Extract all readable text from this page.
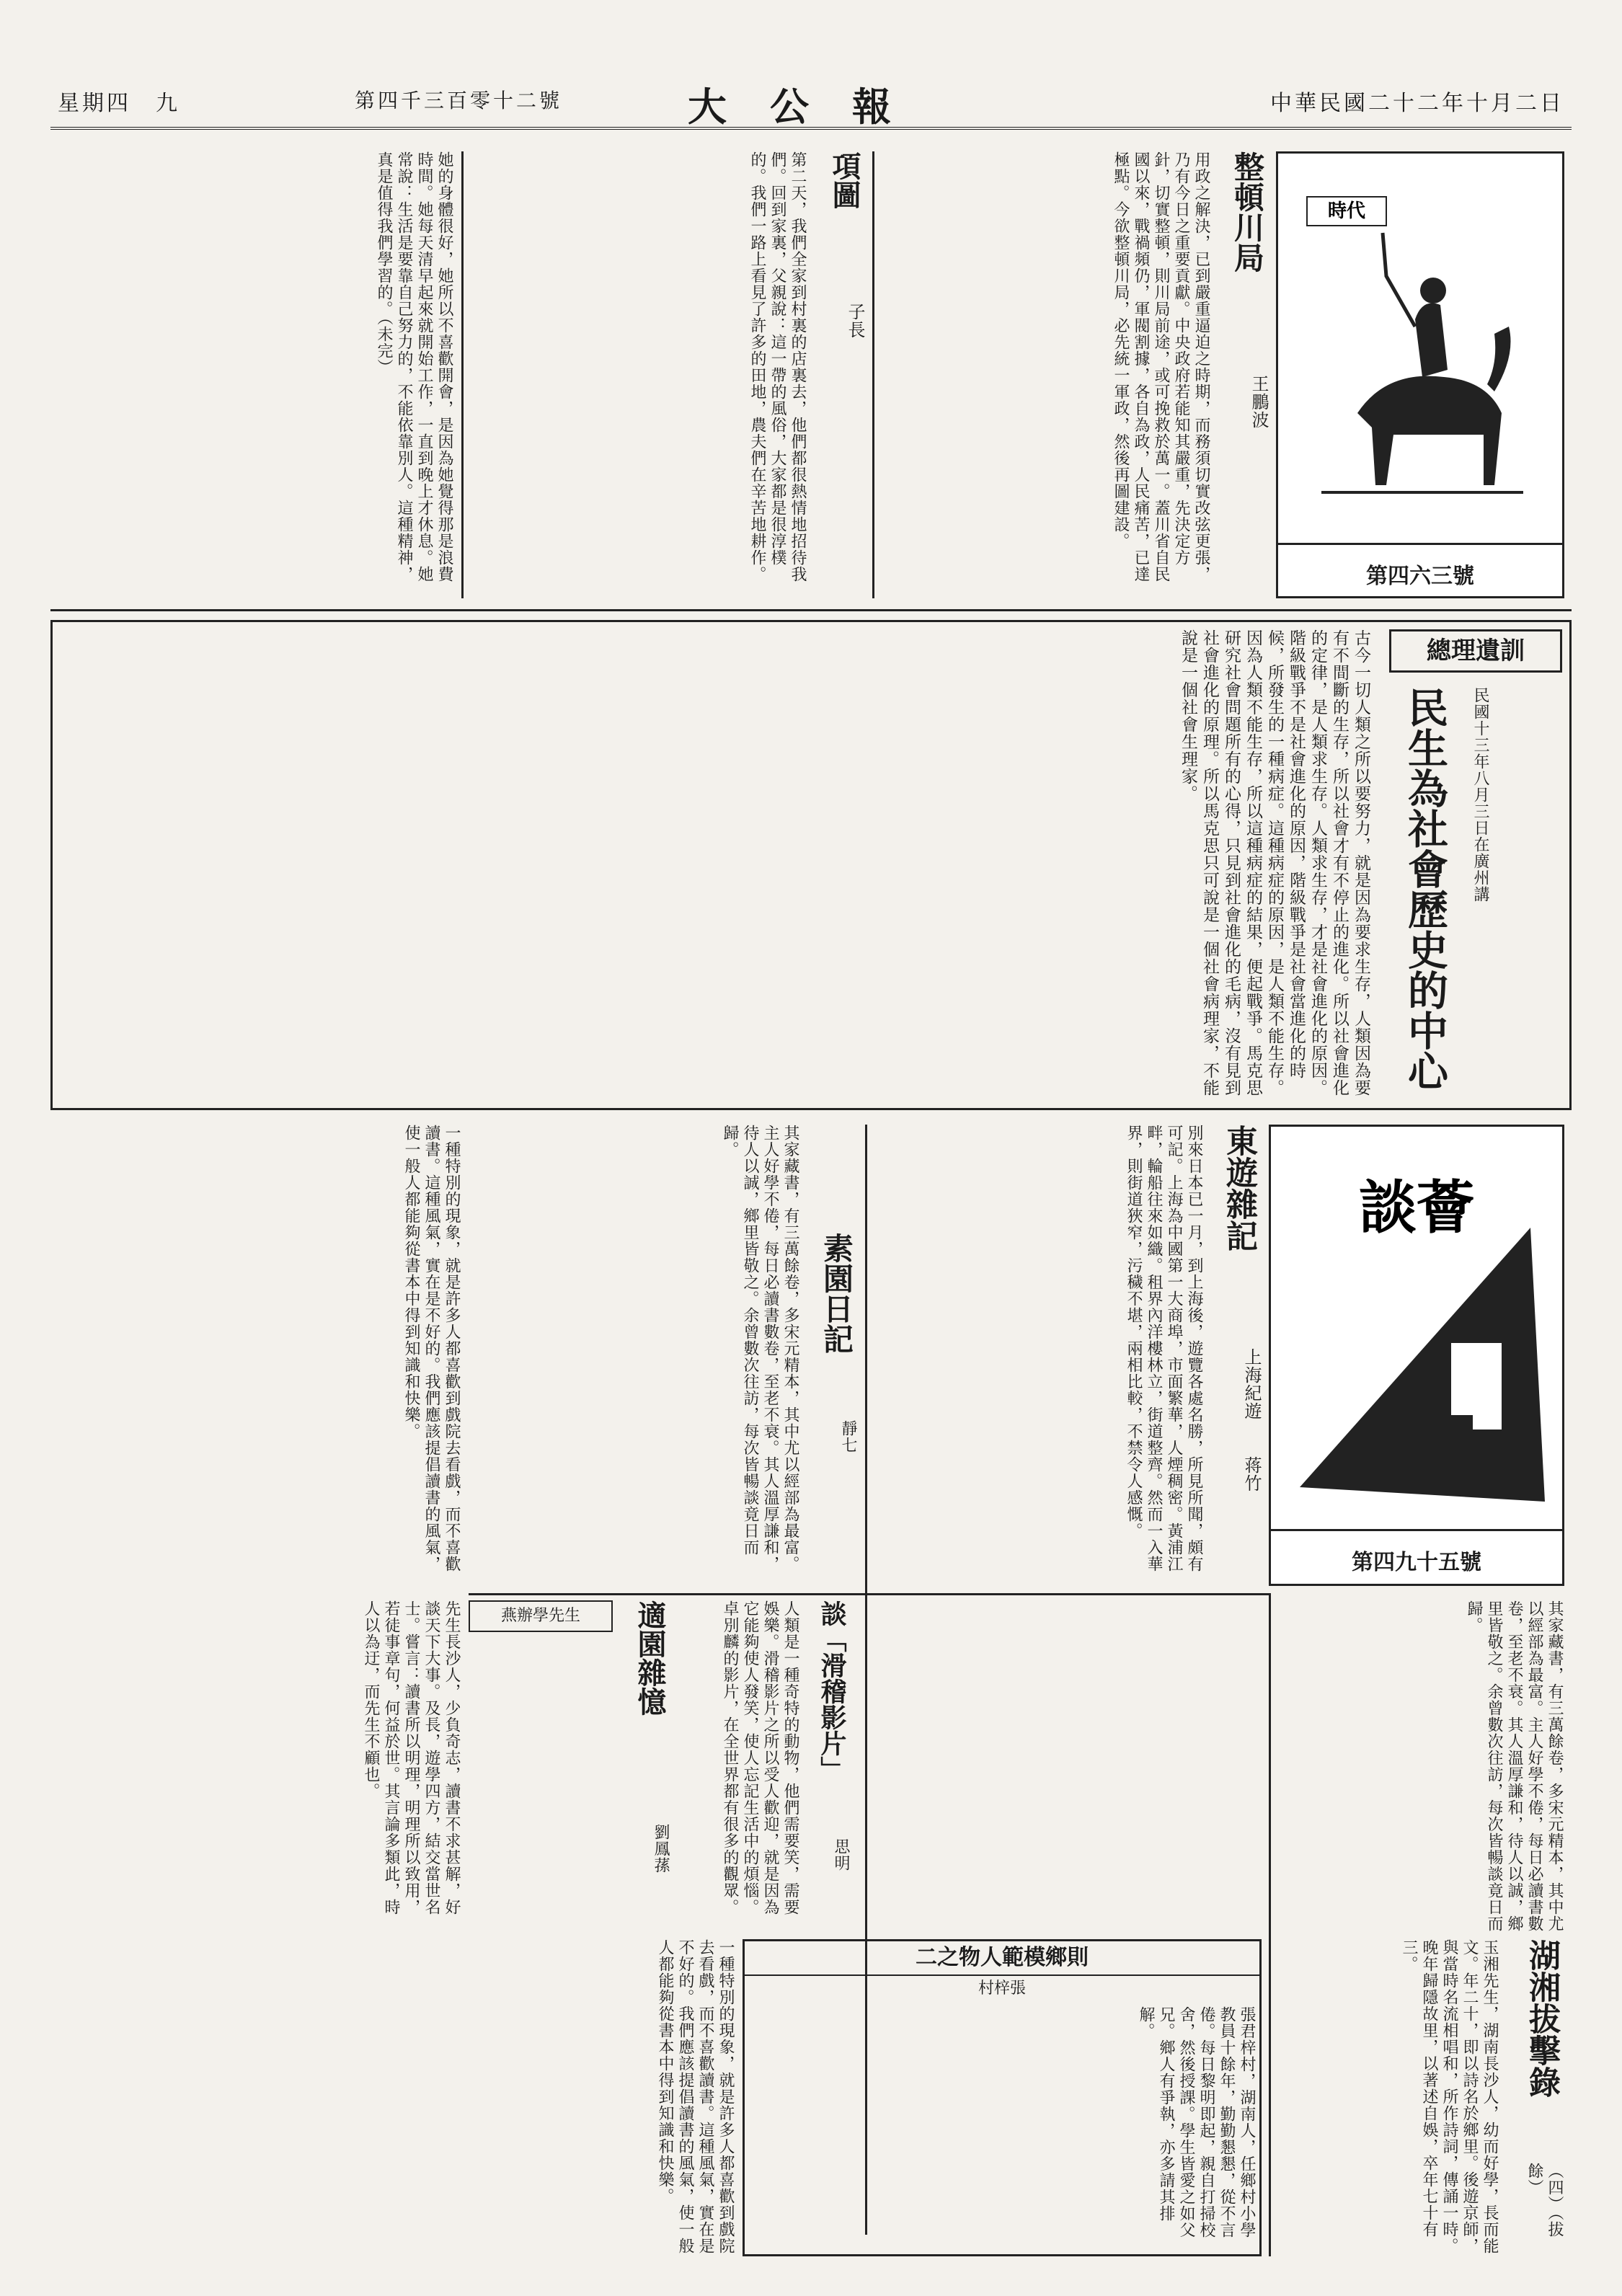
星期四　九	第四千三百零十二號	大公報	中華民國二十二年十月二日
時代
第四六三號
整頓川局
用政之解決，已到嚴重逼迫之時期，而務須切實改弦更張，乃有今日之重要貢獻。中央政府若能知其嚴重，先決定方針，切實整頓，則川局前途，或可挽救於萬一。蓋川省自民國以來，戰禍頻仍，軍閥割據，各自為政，人民痛苦，已達極點。今欲整頓川局，必先統一軍政，然後再圖建設。	王鵬波
項圖
子長
第二天，我們全家到村裏的店裏去，他們都很熱情地招待我們。回到家裏，父親說：這一帶的風俗，大家都是很淳樸的。我們一路上看見了許多的田地，農夫們在辛苦地耕作。
她的身體很好，她所以不喜歡開會，是因為她覺得那是浪費時間。她每天清早起來就開始工作，一直到晚上才休息。她常說：生活是要靠自己努力的，不能依靠別人。這種精神，真是值得我們學習的。（未完）
總理遺訓
民生為社會歷史的中心	民國十三年八月三日在廣州講
古今一切人類之所以要努力，就是因為要求生存，人類因為要有不間斷的生存，所以社會才有不停止的進化。所以社會進化的定律，是人類求生存。人類求生存，才是社會進化的原因。階級戰爭不是社會進化的原因，階級戰爭是社會當進化的時候，所發生的一種病症。這種病症的原因，是人類不能生存。因為人類不能生存，所以這種病症的結果，便起戰爭。馬克思研究社會問題所有的心得，只見到社會進化的毛病，沒有見到社會進化的原理。所以馬克思只可說是一個社會病理家，不能說是一個社會生理家。
談薈
第四九十五號
東遊雜記
上海紀遊
蒋竹
別來日本已一月，到上海後，遊覽各處名勝，所見所聞，頗有可記。上海為中國第一大商埠，市面繁華，人煙稠密。黃浦江畔，輪船往來如織。租界內洋樓林立，街道整齊。然而一入華界，則街道狹窄，污穢不堪，兩相比較，不禁令人感慨。
素園日記
靜七
其家藏書，有三萬餘卷，多宋元精本，其中尤以經部為最富。主人好學不倦，每日必讀書數卷，至老不衰。其人溫厚謙和，待人以誠，鄉里皆敬之。余曾數次往訪，每次皆暢談竟日而歸。
一種特別的現象，就是許多人都喜歡到戲院去看戲，而不喜歡讀書。這種風氣，實在是不好的。我們應該提倡讀書的風氣，使一般人都能夠從書本中得到知識和快樂。
談「滑稽影片」
思明
人類是一種奇特的動物，他們需要笑，需要娛樂。滑稽影片之所以受人歡迎，就是因為它能夠使人發笑，使人忘記生活中的煩惱。卓別麟的影片，在全世界都有很多的觀眾。
適園雜憶
劉鳳蓀
先生長沙人，少負奇志，讀書不求甚解，好談天下大事。及長，遊學四方，結交當世名士。嘗言：讀書所以明理，明理所以致用，若徒事章句，何益於世。其言論多類此，時人以為迂，而先生不顧也。	燕辦學先生
二之物人範模鄉則
村梓張
張君梓村，湖南人，任鄉村小學教員十餘年，勤勤懇懇，從不言倦。每日黎明即起，親自打掃校舍，然後授課。學生皆愛之如父兄。鄉人有爭執，亦多請其排解。	湖湘拔擊錄
（四）（拔餘）
玉湘先生，湖南長沙人，幼而好學，長而能文。年二十，即以詩名於鄉里。後遊京師，與當時名流相唱和，所作詩詞，傳誦一時。晚年歸隱故里，以著述自娛，卒年七十有三。
一種特別的現象，就是許多人都喜歡到戲院去看戲，而不喜歡讀書。這種風氣，實在是不好的。我們應該提倡讀書的風氣，使一般人都能夠從書本中得到知識和快樂。
其家藏書，有三萬餘卷，多宋元精本，其中尤以經部為最富。主人好學不倦，每日必讀書數卷，至老不衰。其人溫厚謙和，待人以誠，鄉里皆敬之。余曾數次往訪，每次皆暢談竟日而歸。
